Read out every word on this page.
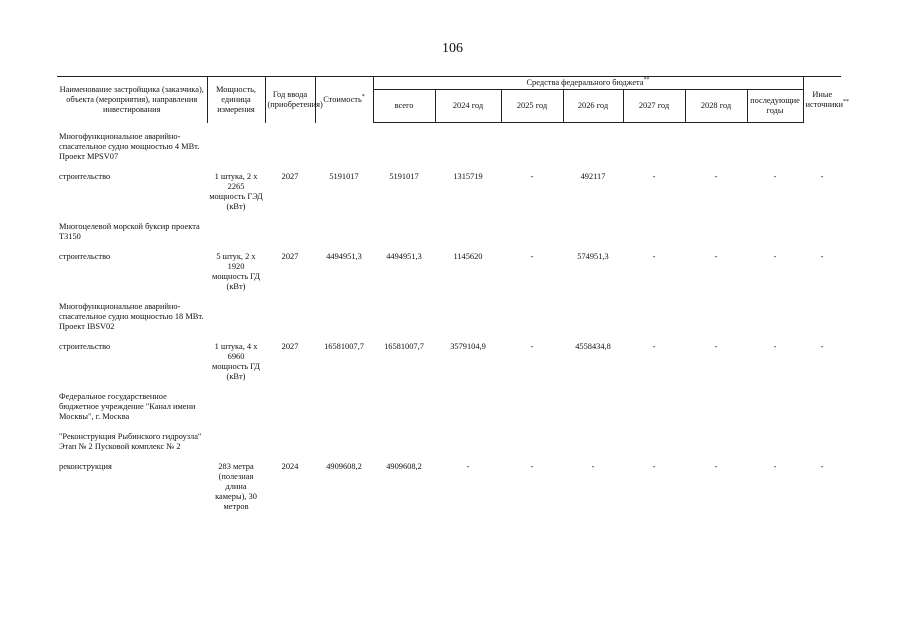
106
Наименование застройщика (заказчика), объекта (мероприятия), направления инвестирования	Мощность, единица измерения	Год ввода (приобретения)	Стоимость*	Средства федерального бюджета**							Иные источники**
				всего	2024 год	2025 год	2026 год	2027 год	2028 год	последующие годы	

Многофункциональное аварийно-спасательное судно мощностью 4 МВт. Проект MPSV07											

строительство	1 штука, 2 х 2265 мощность ГЭД (кВт)	2027	5191017	5191017	1315719	-	492117	-	-	-	-

Многоцелевой морской буксир проекта Т3150											

строительство	5 штук, 2 х 1920 мощность ГД (кВт)	2027	4494951,3	4494951,3	1145620	-	574951,3	-	-	-	-

Многофункциональное аварийно-спасательное судно мощностью 18 МВт. Проект IBSV02											

строительство	1 штука, 4 х 6960 мощность ГД (кВт)	2027	16581007,7	16581007,7	3579104,9	-	4558434,8	-	-	-	-

Федеральное государственное бюджетное учреждение "Канал имени Москвы", г. Москва											

"Реконструкция Рыбинского гидроузла" Этап № 2 Пусковой комплекс № 2											

реконструкция	283 метра (полезная длина камеры), 30 метров	2024	4909608,2	4909608,2	-	-	-	-	-	-	-
